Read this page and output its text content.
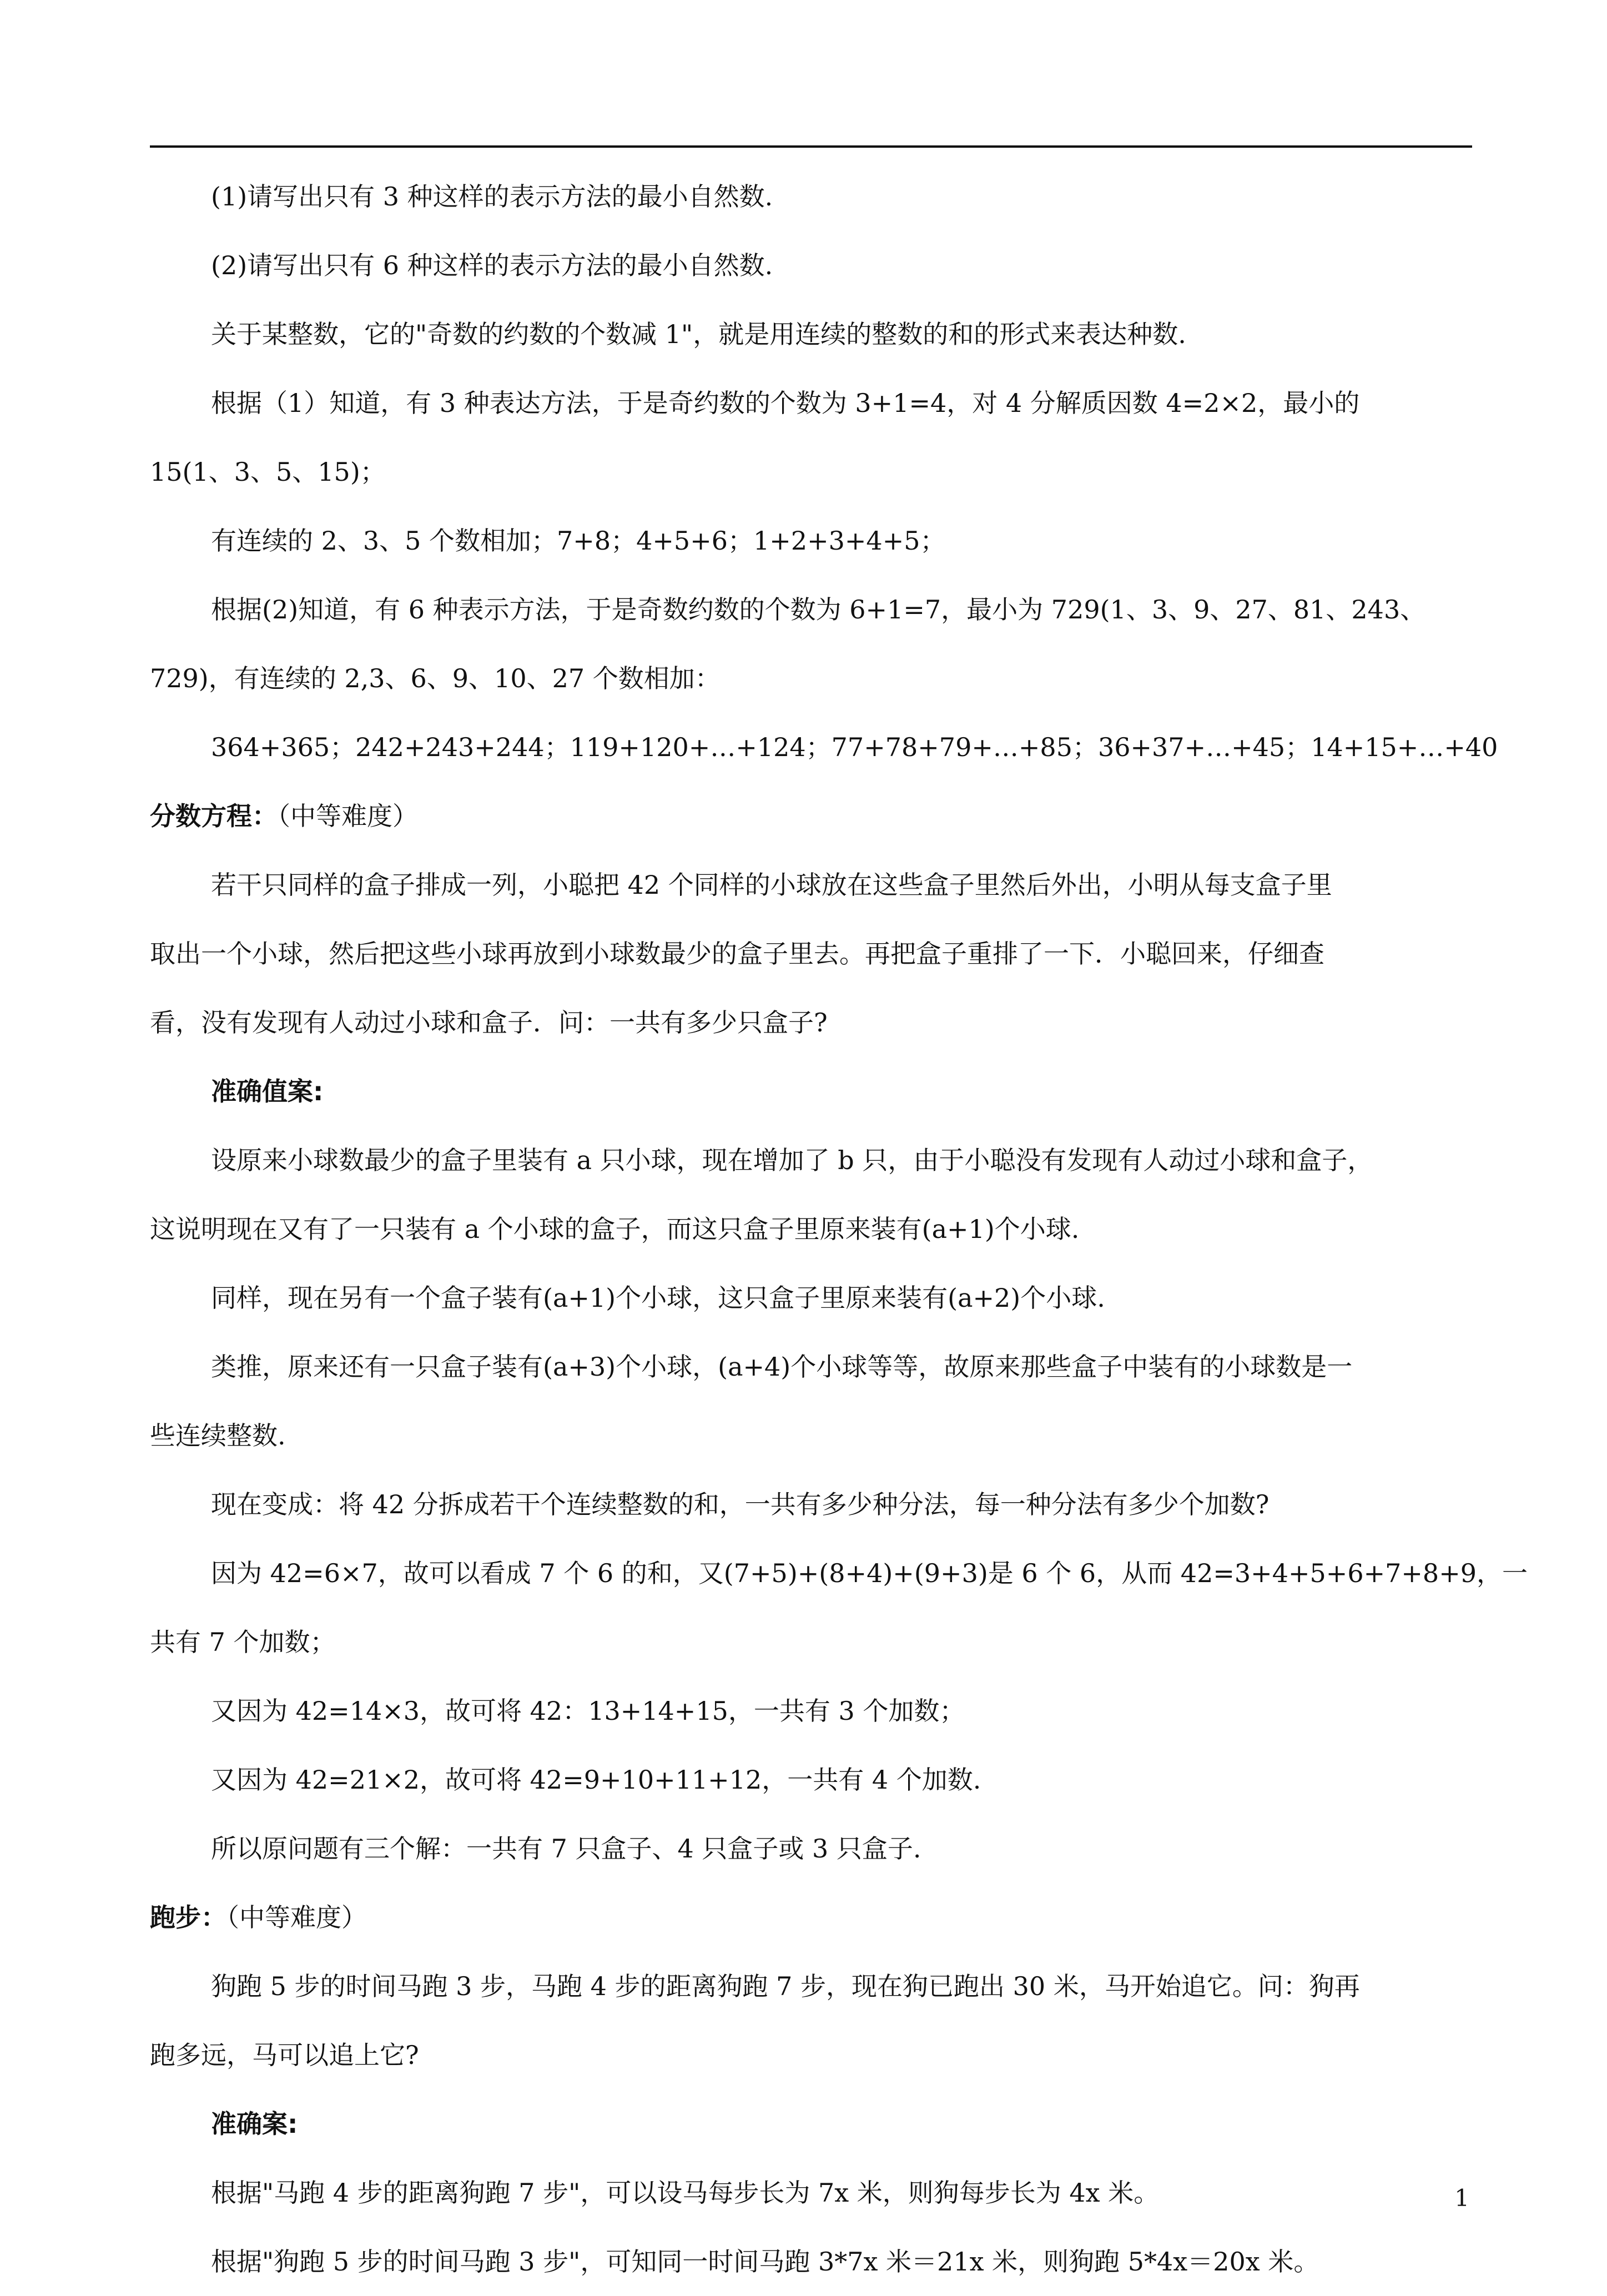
(1)请写出只有 3 种这样的表示方法的最小自然数.
(2)请写出只有 6 种这样的表示方法的最小自然数.
关于某整数，它的"奇数的约数的个数减 1"，就是用连续的整数的和的形式来表达种数.
根据（1）知道，有 3 种表达方法，于是奇约数的个数为 3+1=4，对 4 分解质因数 4=2×2，最小的
15(1、3、5、15)；
有连续的 2、3、5 个数相加；7+8；4+5+6；1+2+3+4+5；
根据(2)知道，有 6 种表示方法，于是奇数约数的个数为 6+1=7，最小为 729(1、3、9、27、81、243、
729)，有连续的 2,3、6、9、10、27 个数相加：
364+365；242+243+244；119+120+…+124；77+78+79+…+85；36+37+…+45；14+15+…+40
分数方程：（中等难度）
若干只同样的盒子排成一列，小聪把 42 个同样的小球放在这些盒子里然后外出，小明从每支盒子里
取出一个小球，然后把这些小球再放到小球数最少的盒子里去。再把盒子重排了一下．小聪回来，仔细查
看，没有发现有人动过小球和盒子．问：一共有多少只盒子?
准确值案:
设原来小球数最少的盒子里装有 a 只小球，现在增加了 b 只，由于小聪没有发现有人动过小球和盒子，
这说明现在又有了一只装有 a 个小球的盒子，而这只盒子里原来装有(a+1)个小球.
同样，现在另有一个盒子装有(a+1)个小球，这只盒子里原来装有(a+2)个小球.
类推，原来还有一只盒子装有(a+3)个小球，(a+4)个小球等等，故原来那些盒子中装有的小球数是一
些连续整数.
现在变成：将 42 分拆成若干个连续整数的和，一共有多少种分法，每一种分法有多少个加数?
因为 42=6×7，故可以看成 7 个 6 的和，又(7+5)+(8+4)+(9+3)是 6 个 6，从而 42=3+4+5+6+7+8+9，一
共有 7 个加数；
又因为 42=14×3，故可将 42：13+14+15，一共有 3 个加数；
又因为 42=21×2，故可将 42=9+10+11+12，一共有 4 个加数.
所以原问题有三个解：一共有 7 只盒子、4 只盒子或 3 只盒子.
跑步：（中等难度）
狗跑 5 步的时间马跑 3 步，马跑 4 步的距离狗跑 7 步，现在狗已跑出 30 米，马开始追它。问：狗再
跑多远，马可以追上它?
准确案:
根据"马跑 4 步的距离狗跑 7 步"，可以设马每步长为 7x 米，则狗每步长为 4x 米。
根据"狗跑 5 步的时间马跑 3 步"，可知同一时间马跑 3*7x 米＝21x 米，则狗跑 5*4x＝20x 米。
1
